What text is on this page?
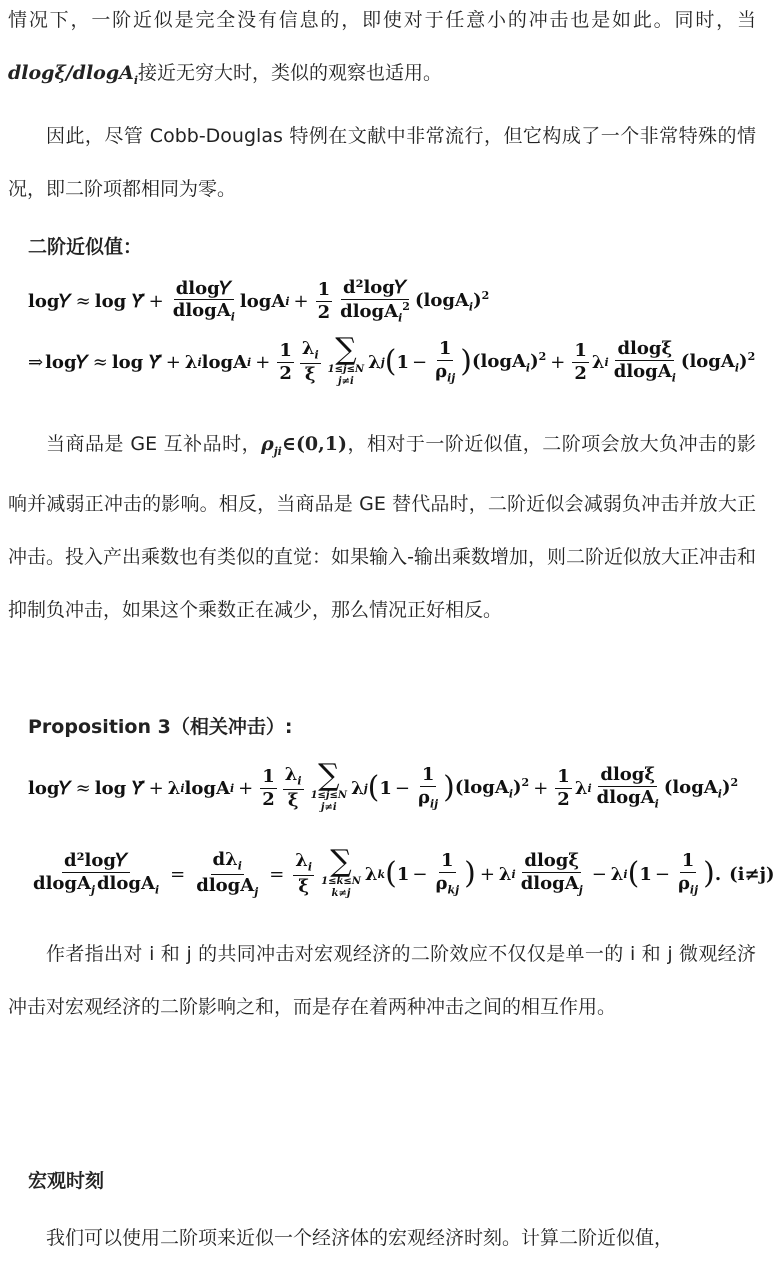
情况下，一阶近似是完全没有信息的，即使对于任意小的冲击也是如此。同时，当 dlogξ/dlogA$_i$接近无穷大时，类似的观察也适用。

因此，尽管 Cobb-Douglas 特例在文献中非常流行，但它构成了一个非常特殊的情况，即二阶项都相同为零。

二阶近似值：
log𝛶 ≈ log 𝛶̄ + $\frac{\text{dlog𝛶}}{dlogA_i}$ logA $i + \frac{1}{2} \frac{\text{d²log𝛶}}{dlogA_i^2} (\log A_i)^2$
⇒ log𝛶 ≈ log 𝛶̄ + λ i logA $i + \frac{1}{2} \frac{\lambda_i}{\xi}$ ∑
1≤j≤N
j≠i
λ j ( $1 - \frac{1}{\rho_{ij}}$ ) $(\log A_i)^2 + \frac{1}{2}$ λ i $\frac{dlog\xi}{dlogA_i} (\log A_i)^2$

当商品是 GE 互补品时，$\rho_{ji}\in(0,1)$，相对于一阶近似值，二阶项会放大负冲击的影响并减弱正冲击的影响。相反，当商品是 GE 替代品时，二阶近似会减弱负冲击并放大正冲击。投入产出乘数也有类似的直觉：如果输入-输出乘数增加，则二阶近似放大正冲击和抑制负冲击，如果这个乘数正在减少，那么情况正好相反。

Proposition 3（相关冲击）:
log𝛶 ≈ log 𝛶̄ + λ i logA $i + \frac{1}{2} \frac{\lambda_i}{\xi}$ ∑
1≤j≤N
j≠i
λ j ( $1 - \frac{1}{\rho_{ij}}$ ) $(\log A_i)^2 + \frac{1}{2}$ λ i $\frac{dlog\xi}{dlogA_i} (\log A_i)^2$
$\frac{\text{d²log𝛶}}{dlogA_j dlogA_i} = \frac{d\lambda_i}{dlogA_j} = \frac{\lambda_i}{\xi}$ ∑
1≤k≤N
k≠j
λ k ( $1 - \frac{1}{\rho_{kj}}$ ) + λ i $\frac{dlog\xi}{dlogA_j} - \lambda$ i ( $1 - \frac{1}{\rho_{ij}}$ ) . (i≠j)

作者指出对 i 和 j 的共同冲击对宏观经济的二阶效应不仅仅是单一的 i 和 j 微观经济冲击对宏观经济的二阶影响之和，而是存在着两种冲击之间的相互作用。

宏观时刻

我们可以使用二阶项来近似一个经济体的宏观经济时刻。计算二阶近似值，
